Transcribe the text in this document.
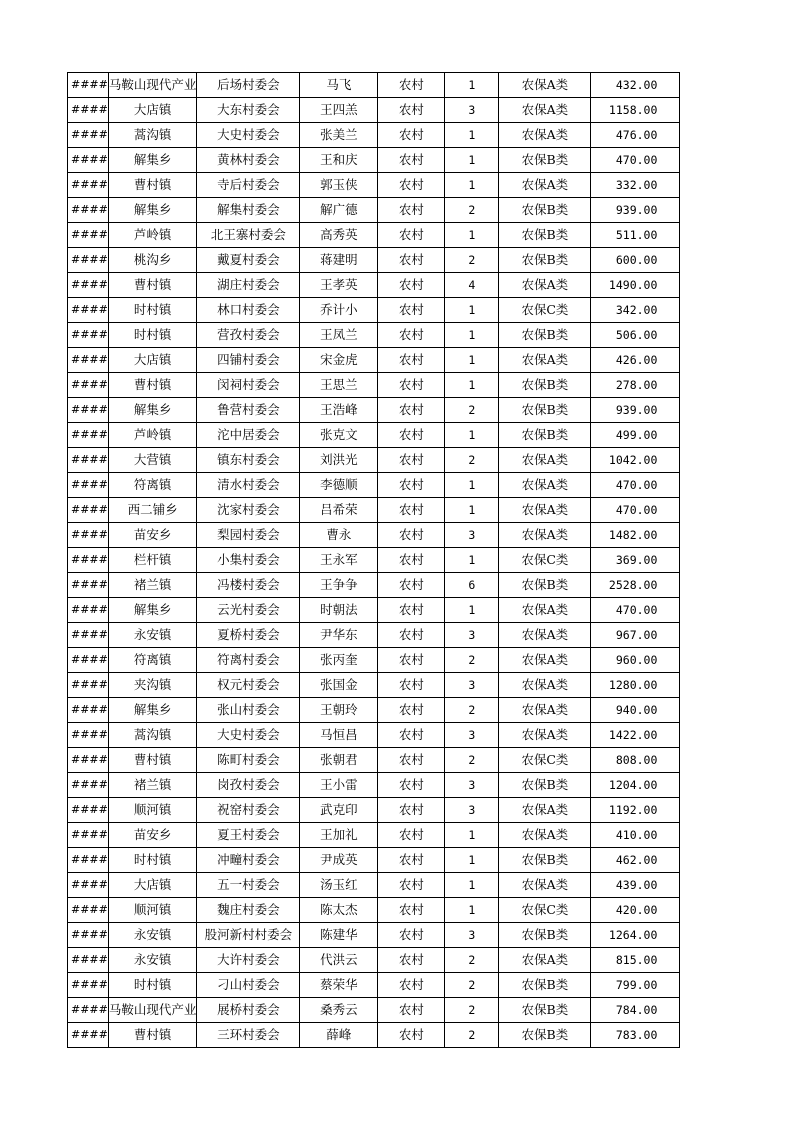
####	马鞍山现代产业	后场村委会	马飞	农村	1	农保A类	432.00
####	大店镇	大东村委会	王四羔	农村	3	农保A类	1158.00
####	蒿沟镇	大史村委会	张美兰	农村	1	农保A类	476.00
####	解集乡	黄林村委会	王和庆	农村	1	农保B类	470.00
####	曹村镇	寺后村委会	郭玉侠	农村	1	农保A类	332.00
####	解集乡	解集村委会	解广德	农村	2	农保B类	939.00
####	芦岭镇	北王寨村委会	高秀英	农村	1	农保B类	511.00
####	桃沟乡	戴夏村委会	蒋建明	农村	2	农保B类	600.00
####	曹村镇	湖庄村委会	王孝英	农村	4	农保A类	1490.00
####	时村镇	林口村委会	乔计小	农村	1	农保C类	342.00
####	时村镇	营孜村委会	王凤兰	农村	1	农保B类	506.00
####	大店镇	四铺村委会	宋金虎	农村	1	农保A类	426.00
####	曹村镇	闵祠村委会	王思兰	农村	1	农保B类	278.00
####	解集乡	鲁营村委会	王浩峰	农村	2	农保B类	939.00
####	芦岭镇	沱中居委会	张克文	农村	1	农保B类	499.00
####	大营镇	镇东村委会	刘洪光	农村	2	农保A类	1042.00
####	符离镇	清水村委会	李德顺	农村	1	农保A类	470.00
####	西二铺乡	沈家村委会	吕希荣	农村	1	农保A类	470.00
####	苗安乡	梨园村委会	曹永	农村	3	农保A类	1482.00
####	栏杆镇	小集村委会	王永军	农村	1	农保C类	369.00
####	褚兰镇	冯楼村委会	王争争	农村	6	农保B类	2528.00
####	解集乡	云光村委会	时朝法	农村	1	农保A类	470.00
####	永安镇	夏桥村委会	尹华东	农村	3	农保A类	967.00
####	符离镇	符离村委会	张丙奎	农村	2	农保A类	960.00
####	夹沟镇	权元村委会	张国金	农村	3	农保A类	1280.00
####	解集乡	张山村委会	王朝玲	农村	2	农保A类	940.00
####	蒿沟镇	大史村委会	马恒昌	农村	3	农保A类	1422.00
####	曹村镇	陈町村委会	张朝君	农村	2	农保C类	808.00
####	褚兰镇	岗孜村委会	王小雷	农村	3	农保B类	1204.00
####	顺河镇	祝窑村委会	武克印	农村	3	农保A类	1192.00
####	苗安乡	夏王村委会	王加礼	农村	1	农保A类	410.00
####	时村镇	冲疃村委会	尹成英	农村	1	农保B类	462.00
####	大店镇	五一村委会	汤玉红	农村	1	农保A类	439.00
####	顺河镇	魏庄村委会	陈太杰	农村	1	农保C类	420.00
####	永安镇	股河新村村委会	陈建华	农村	3	农保B类	1264.00
####	永安镇	大许村委会	代洪云	农村	2	农保A类	815.00
####	时村镇	刁山村委会	蔡荣华	农村	2	农保B类	799.00
####	马鞍山现代产业	展桥村委会	桑秀云	农村	2	农保B类	784.00
####	曹村镇	三环村委会	薛峰	农村	2	农保B类	783.00
